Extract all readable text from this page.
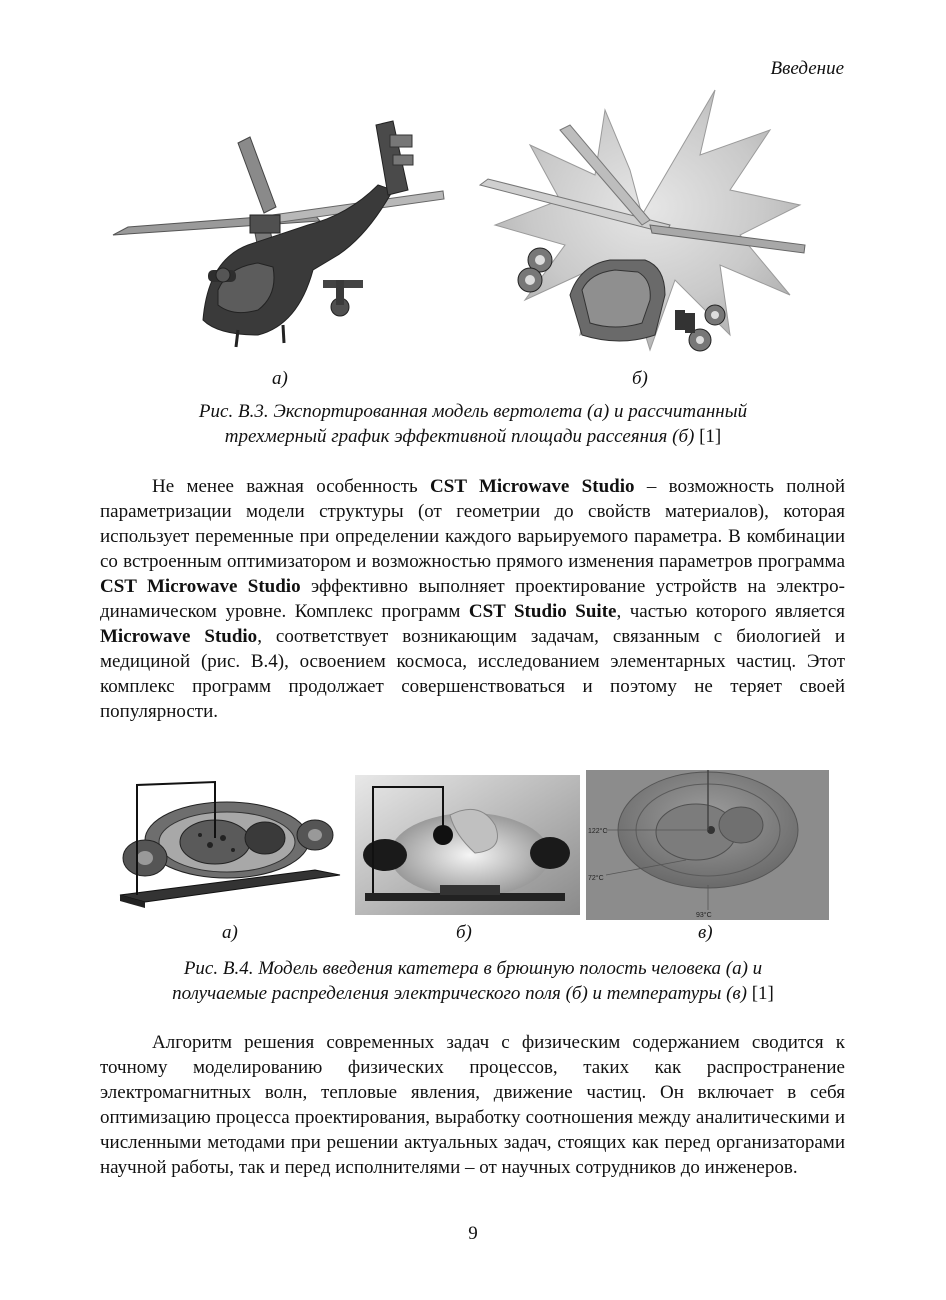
Введение
а)	б)
Рис. В.3. Экспортированная модель вертолета (а) и рассчитанный
трехмерный график эффективной площади рассеяния (б) [1]

Не менее важная особенность CST Microwave Studio – возможность полной параметризации модели структуры (от геометрии до свойств материалов), которая использует переменные при определении каждого варьируемого параметра. В комбинации со встроенным оптимизатором и возможностью прямого изменения параметров программа CST Microwave Studio эффективно выполняет проектирование устройств на электро-динамическом уровне. Комплекс программ CST Studio Suite, частью которого является Microwave Studio, соответствует возникающим задачам, связанным с биологией и медициной (рис. В.4), освоением космоса, исследованием элементарных частиц. Этот комплекс программ продолжает совершенствоваться и поэтому не теряет своей популярности.

122°C
72°C
93°C
а)	б)	в)
Рис. В.4. Модель введения катетера в брюшную полость человека (а) и
получаемые распределения электрического поля (б) и температуры (в) [1]

Алгоритм решения современных задач с физическим содержанием сводится к точному моделированию физических процессов, таких как распространение электромагнитных волн, тепловые явления, движение частиц. Он включает в себя оптимизацию процесса проектирования, выработку соотношения между аналитическими и численными методами при решении актуальных задач, стоящих как перед организаторами научной работы, так и перед исполнителями – от научных сотрудников до инженеров.

9
